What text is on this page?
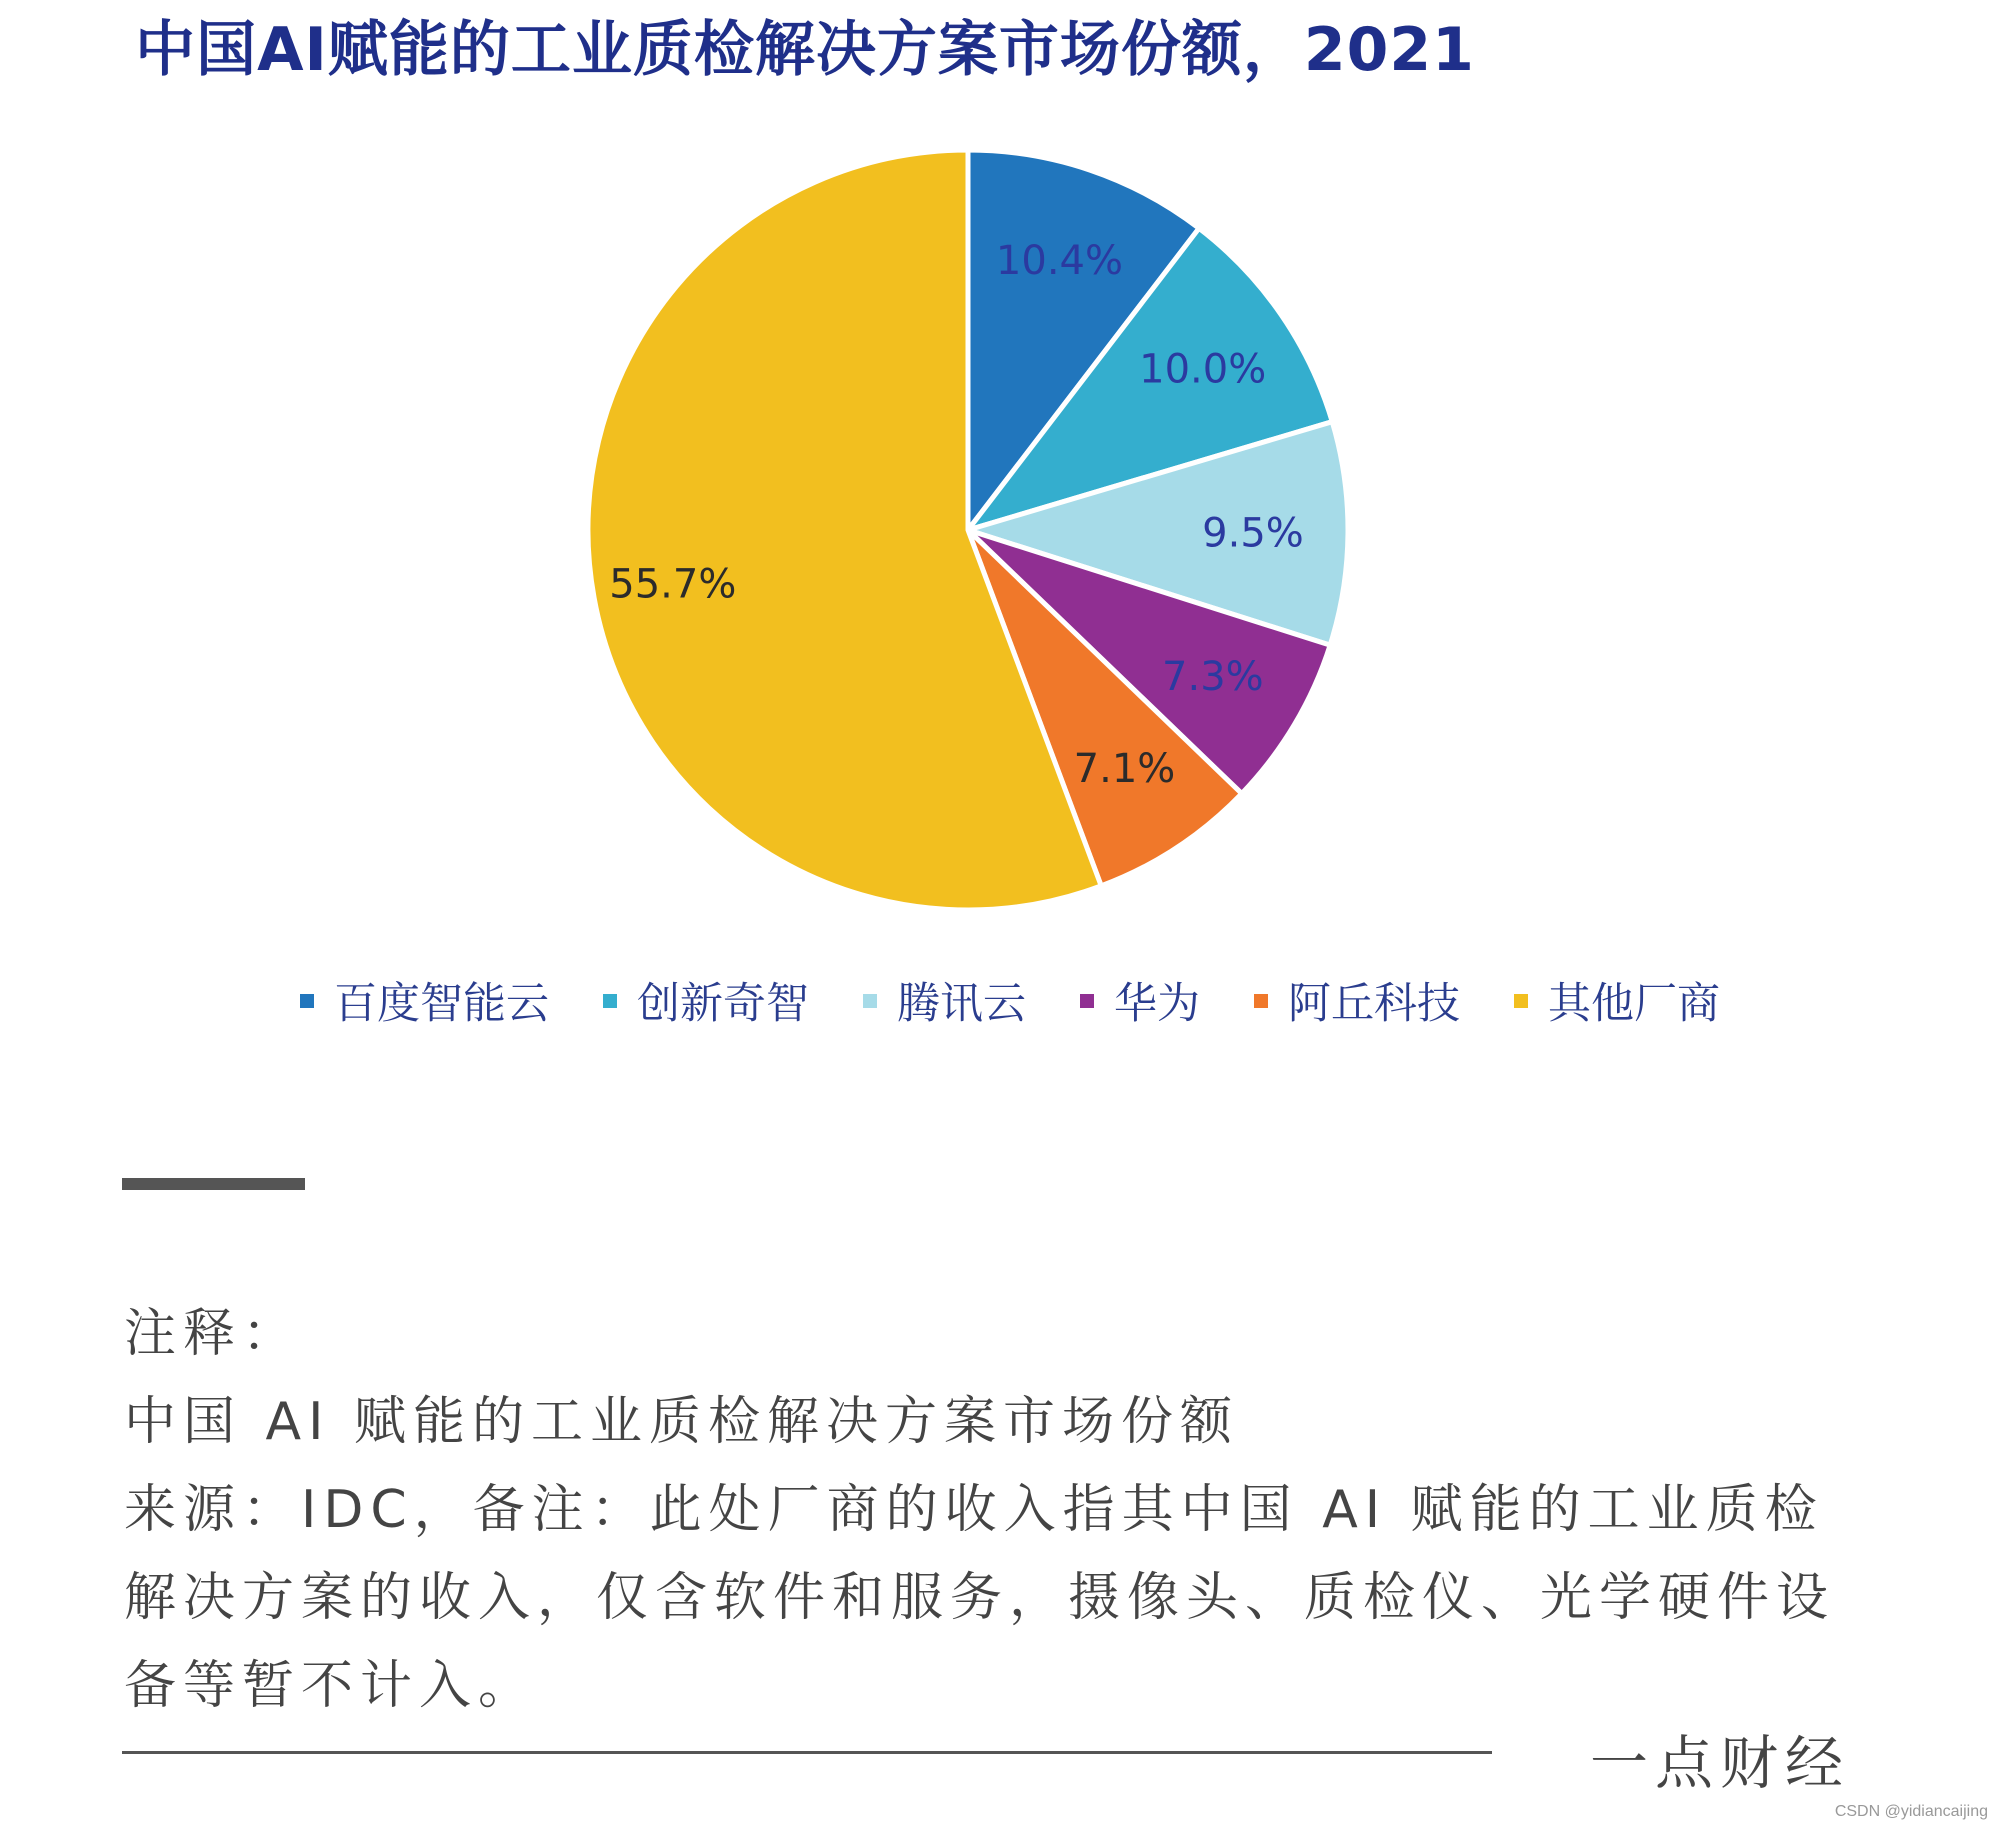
中国AI赋能的工业质检解决方案市场份额，2021
10.4%
10.0%
9.5%
7.3%
7.1%
55.7%
百度智能云 创新奇智 腾讯云 华为 阿丘科技 其他厂商

注释：

中国 AI 赋能的工业质检解决方案市场份额

来源：IDC，备注：此处厂商的收入指其中国 AI 赋能的工业质检解决方案的收入，仅含软件和服务，摄像头、质检仪、光学硬件设备等暂不计入。

一点财经
CSDN @yidiancaijing
